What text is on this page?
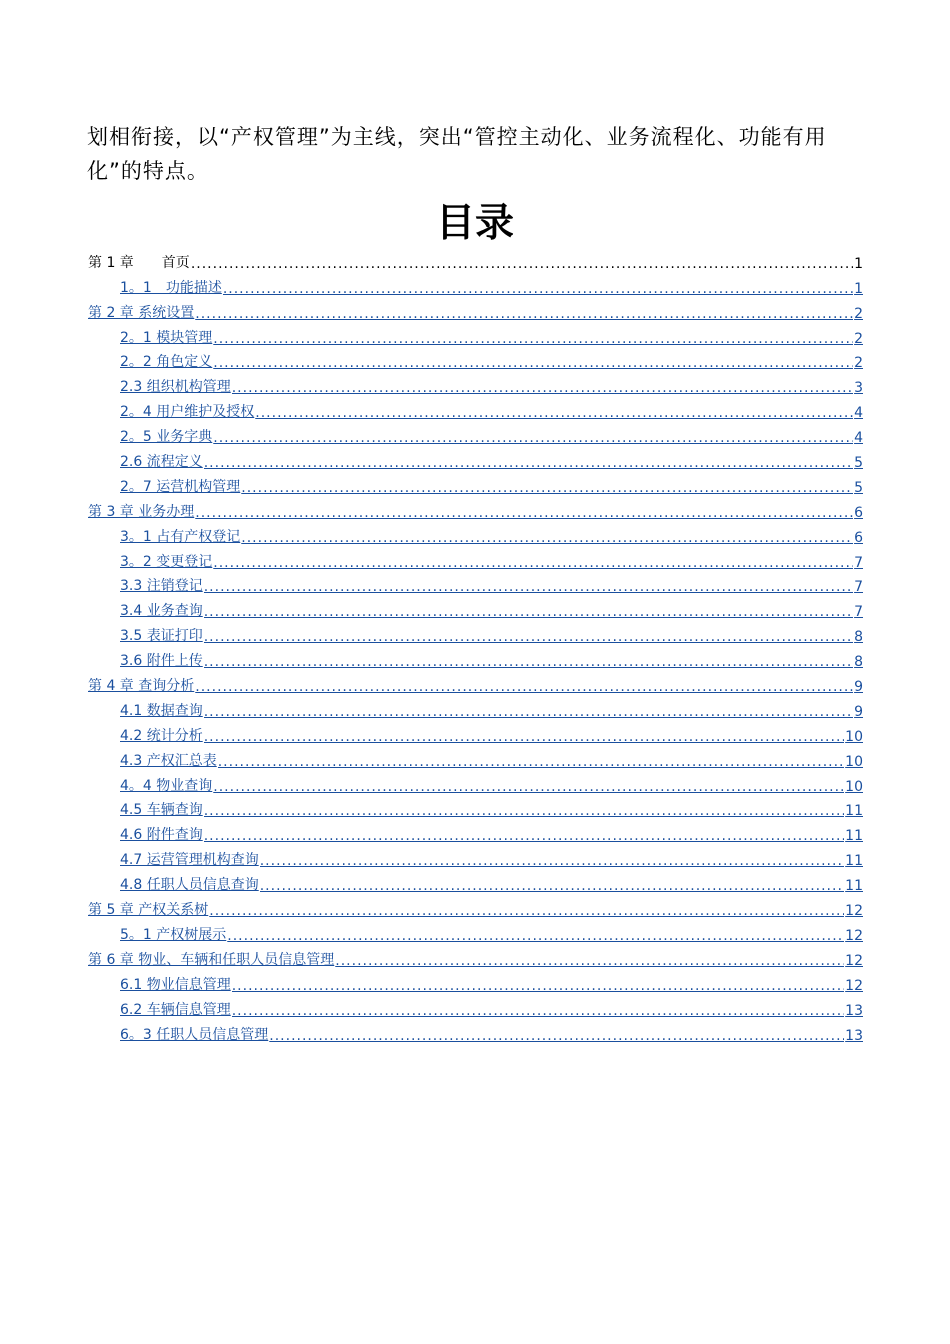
划相衔接，以“产权管理”为主线，突出“管控主动化、业务流程化、功能有用化”的特点。

目录
第 1 章　　首页 .....	1
1。1　功能描述 .....	1
第 2 章 系统设置 .....	2
2。1 模块管理 .....	2
2。2 角色定义 .....	2
2.3 组织机构管理 .....	3
2。4 用户维护及授权 .....	4
2。5 业务字典 .....	4
2.6 流程定义 .....	5
2。7 运营机构管理 .....	5
第 3 章 业务办理 .....	6
3。1 占有产权登记 .....	6
3。2 变更登记 .....	7
3.3 注销登记 .....	7
3.4 业务查询 .....	7
3.5 表证打印 .....	8
3.6 附件上传 .....	8
第 4 章 查询分析 .....	9
4.1 数据查询 .....	9
4.2 统计分析 .....	10
4.3 产权汇总表 .....	10
4。4 物业查询 .....	10
4.5 车辆查询 .....	11
4.6 附件查询 .....	11
4.7 运营管理机构查询 .....	11
4.8 任职人员信息查询 .....	11
第 5 章 产权关系树 .....	12
5。1 产权树展示 .....	12
第 6 章 物业、车辆和任职人员信息管理 .....	12
6.1 物业信息管理 .....	12
6.2 车辆信息管理 .....	13
6。3 任职人员信息管理 .....	13
